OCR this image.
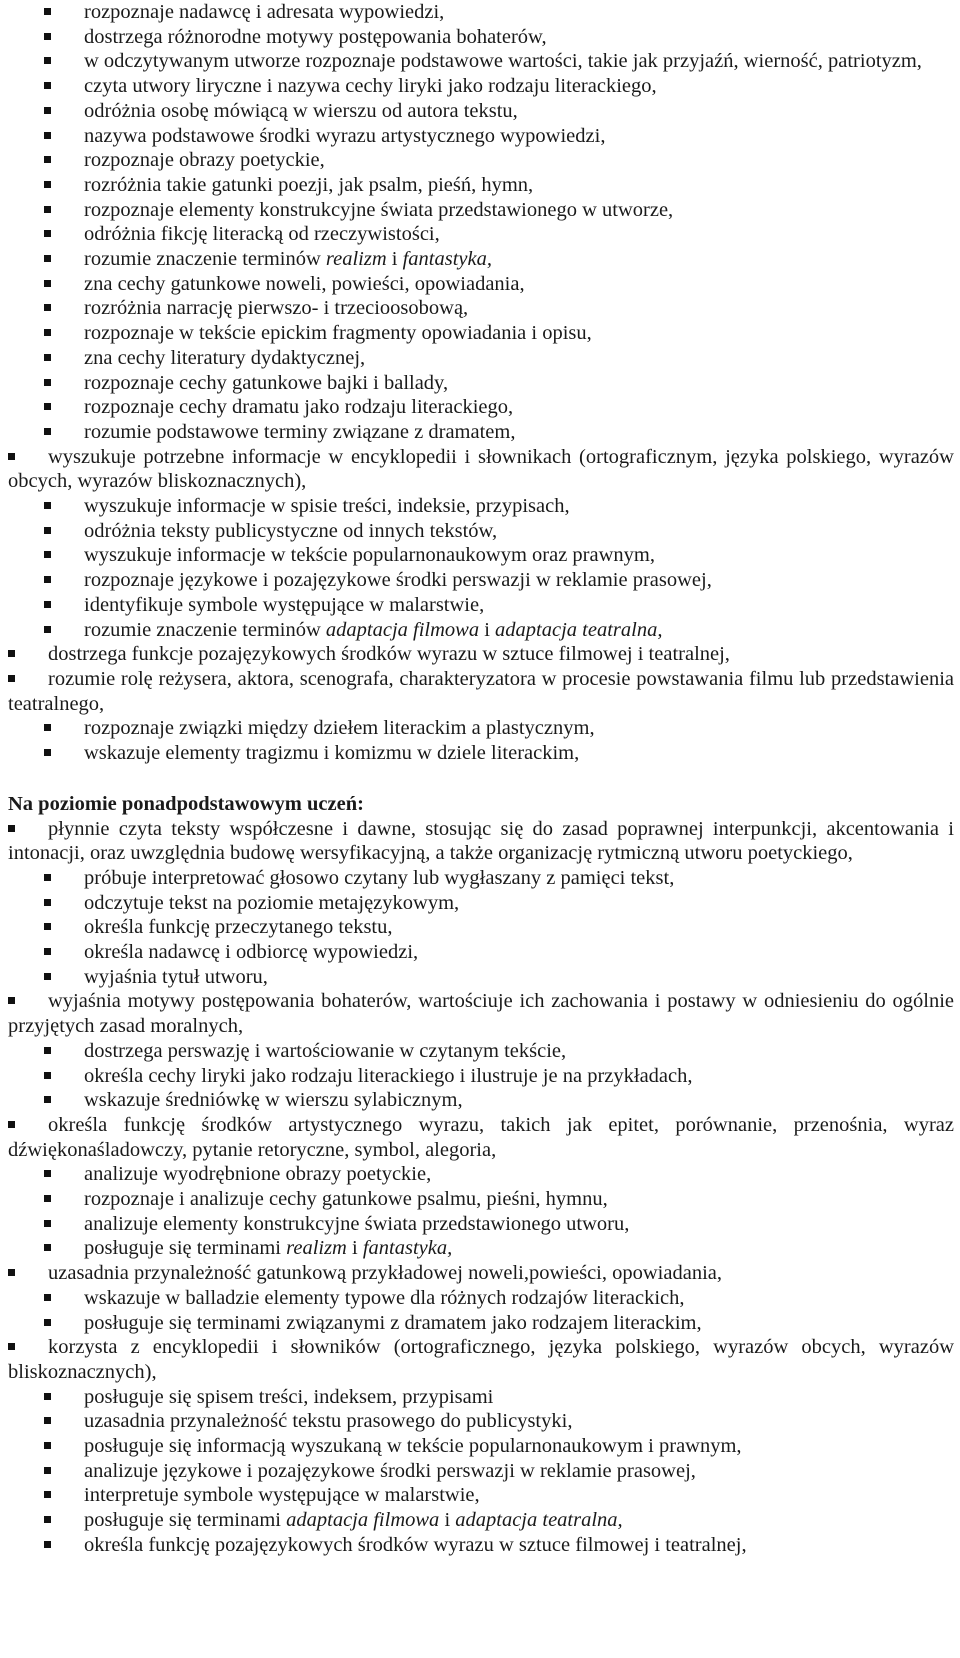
rozpoznaje nadawcę i adresata wypowiedzi,
dostrzega różnorodne motywy postępowania bohaterów,
w odczytywanym utworze rozpoznaje podstawowe wartości, takie jak przyjaźń, wierność, patriotyzm,
czyta utwory liryczne i nazywa cechy liryki jako rodzaju literackiego,
odróżnia osobę mówiącą w wierszu od autora tekstu,
nazywa podstawowe środki wyrazu artystycznego wypowiedzi,
rozpoznaje obrazy poetyckie,
rozróżnia takie gatunki poezji, jak psalm, pieśń, hymn,
rozpoznaje elementy konstrukcyjne świata przedstawionego w utworze,
odróżnia fikcję literacką od rzeczywistości,
rozumie znaczenie terminów realizm i fantastyka,
zna cechy gatunkowe noweli, powieści, opowiadania,
rozróżnia narrację pierwszo- i trzecioosobową,
rozpoznaje w tekście epickim fragmenty opowiadania i opisu,
zna cechy literatury dydaktycznej,
rozpoznaje cechy gatunkowe bajki i ballady,
rozpoznaje cechy dramatu jako rodzaju literackiego,
rozumie podstawowe terminy związane z dramatem,
wyszukuje potrzebne informacje w encyklopedii i słownikach (ortograficznym, języka polskiego, wyrazów obcych, wyrazów bliskoznacznych),
wyszukuje informacje w spisie treści, indeksie, przypisach,
odróżnia teksty publicystyczne od innych tekstów,
wyszukuje informacje w tekście popularnonaukowym oraz prawnym,
rozpoznaje językowe i pozajęzykowe środki perswazji w reklamie prasowej,
identyfikuje symbole występujące w malarstwie,
rozumie znaczenie terminów adaptacja filmowa i adaptacja teatralna,
dostrzega funkcje pozajęzykowych środków wyrazu w sztuce filmowej i teatralnej,
rozumie rolę reżysera, aktora, scenografa, charakteryzatora w procesie powstawania filmu lub przedstawienia teatralnego,
rozpoznaje związki między dziełem literackim a plastycznym,
wskazuje elementy tragizmu i komizmu w dziele literackim,
Na poziomie ponadpodstawowym uczeń:
płynnie czyta teksty współczesne i dawne, stosując się do zasad poprawnej interpunkcji, akcentowania i intonacji, oraz uwzględnia budowę wersyfikacyjną, a także organizację rytmiczną utworu poetyckiego,
próbuje interpretować głosowo czytany lub wygłaszany z pamięci tekst,
odczytuje tekst na poziomie metajęzykowym,
określa funkcję przeczytanego tekstu,
określa nadawcę i odbiorcę wypowiedzi,
wyjaśnia tytuł utworu,
wyjaśnia motywy postępowania bohaterów, wartościuje ich zachowania i postawy w odniesieniu do ogólnie przyjętych zasad moralnych,
dostrzega perswazję i wartościowanie w czytanym tekście,
określa cechy liryki jako rodzaju literackiego i ilustruje je na przykładach,
wskazuje średniówkę w wierszu sylabicznym,
określa funkcję środków artystycznego wyrazu, takich jak epitet, porównanie, przenośnia, wyraz dźwiękonaśladowczy, pytanie retoryczne, symbol, alegoria,
analizuje wyodrębnione obrazy poetyckie,
rozpoznaje i analizuje cechy gatunkowe psalmu, pieśni, hymnu,
analizuje elementy konstrukcyjne świata przedstawionego utworu,
posługuje się terminami realizm i fantastyka,
uzasadnia przynależność gatunkową przykładowej noweli,powieści, opowiadania,
wskazuje w balladzie elementy typowe dla różnych rodzajów literackich,
posługuje się terminami związanymi z dramatem jako rodzajem literackim,
korzysta z encyklopedii i słowników (ortograficznego, języka polskiego, wyrazów obcych, wyrazów bliskoznacznych),
posługuje się spisem treści, indeksem, przypisami
uzasadnia przynależność tekstu prasowego do publicystyki,
posługuje się informacją wyszukaną w tekście popularnonaukowym i prawnym,
analizuje językowe i pozajęzykowe środki perswazji w reklamie prasowej,
interpretuje symbole występujące w malarstwie,
posługuje się terminami adaptacja filmowa i adaptacja teatralna,
określa funkcję pozajęzykowych środków wyrazu w sztuce filmowej i teatralnej,
